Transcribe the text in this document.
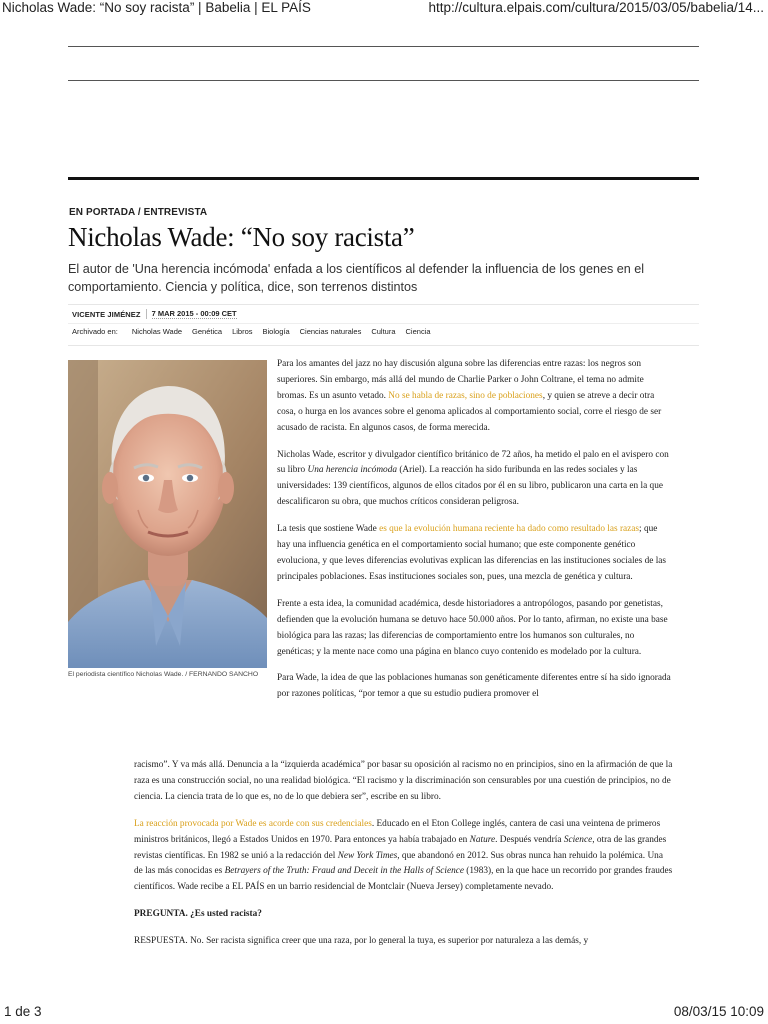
Nicholas Wade: “No soy racista” | Babelia | EL PAÍS	http://cultura.elpais.com/cultura/2015/03/05/babelia/14...
EN PORTADA / ENTREVISTA
Nicholas Wade: “No soy racista”

El autor de 'Una herencia incómoda' enfada a los científicos al defender la influencia de los genes en el comportamiento. Ciencia y política, dice, son terrenos distintos

VICENTE JIMÉNEZ 7 MAR 2015 - 00:09 CET
Archivado en: Nicholas Wade Genética Libros Biología Ciencias naturales Cultura Ciencia
El periodista científico Nicholas Wade. / FERNANDO SANCHO

Para los amantes del jazz no hay discusión alguna sobre las diferencias entre razas: los negros son superiores. Sin embargo, más allá del mundo de Charlie Parker o John Coltrane, el tema no admite bromas. Es un asunto vetado. No se habla de razas, sino de poblaciones, y quien se atreve a decir otra cosa, o hurga en los avances sobre el genoma aplicados al comportamiento social, corre el riesgo de ser acusado de racista. En algunos casos, de forma merecida.

Nicholas Wade, escritor y divulgador científico británico de 72 años, ha metido el palo en el avispero con su libro Una herencia incómoda (Ariel). La reacción ha sido furibunda en las redes sociales y las universidades: 139 científicos, algunos de ellos citados por él en su libro, publicaron una carta en la que descalificaron su obra, que muchos críticos consideran peligrosa.

La tesis que sostiene Wade es que la evolución humana reciente ha dado como resultado las razas; que hay una influencia genética en el comportamiento social humano; que este componente genético evoluciona, y que leves diferencias evolutivas explican las diferencias en las instituciones sociales de las principales poblaciones. Esas instituciones sociales son, pues, una mezcla de genética y cultura.

Frente a esta idea, la comunidad académica, desde historiadores a antropólogos, pasando por genetistas, defienden que la evolución humana se detuvo hace 50.000 años. Por lo tanto, afirman, no existe una base biológica para las razas; las diferencias de comportamiento entre los humanos son culturales, no genéticas; y la mente nace como una página en blanco cuyo contenido es modelado por la cultura.

Para Wade, la idea de que las poblaciones humanas son genéticamente diferentes entre sí ha sido ignorada por razones políticas, “por temor a que su estudio pudiera promover el

racismo”. Y va más allá. Denuncia a la “izquierda académica” por basar su oposición al racismo no en principios, sino en la afirmación de que la raza es una construcción social, no una realidad biológica. “El racismo y la discriminación son censurables por una cuestión de principios, no de ciencia. La ciencia trata de lo que es, no de lo que debiera ser”, escribe en su libro.

La reacción provocada por Wade es acorde con sus credenciales. Educado en el Eton College inglés, cantera de casi una veintena de primeros ministros británicos, llegó a Estados Unidos en 1970. Para entonces ya había trabajado en Nature. Después vendría Science, otra de las grandes revistas científicas. En 1982 se unió a la redacción del New York Times, que abandonó en 2012. Sus obras nunca han rehuido la polémica. Una de las más conocidas es Betrayers of the Truth: Fraud and Deceit in the Halls of Science (1983), en la que hace un recorrido por grandes fraudes científicos. Wade recibe a EL PAÍS en un barrio residencial de Montclair (Nueva Jersey) completamente nevado.

PREGUNTA. ¿Es usted racista?

RESPUESTA. No. Ser racista significa creer que una raza, por lo general la tuya, es superior por naturaleza a las demás, y

1 de 3	08/03/15 10:09
